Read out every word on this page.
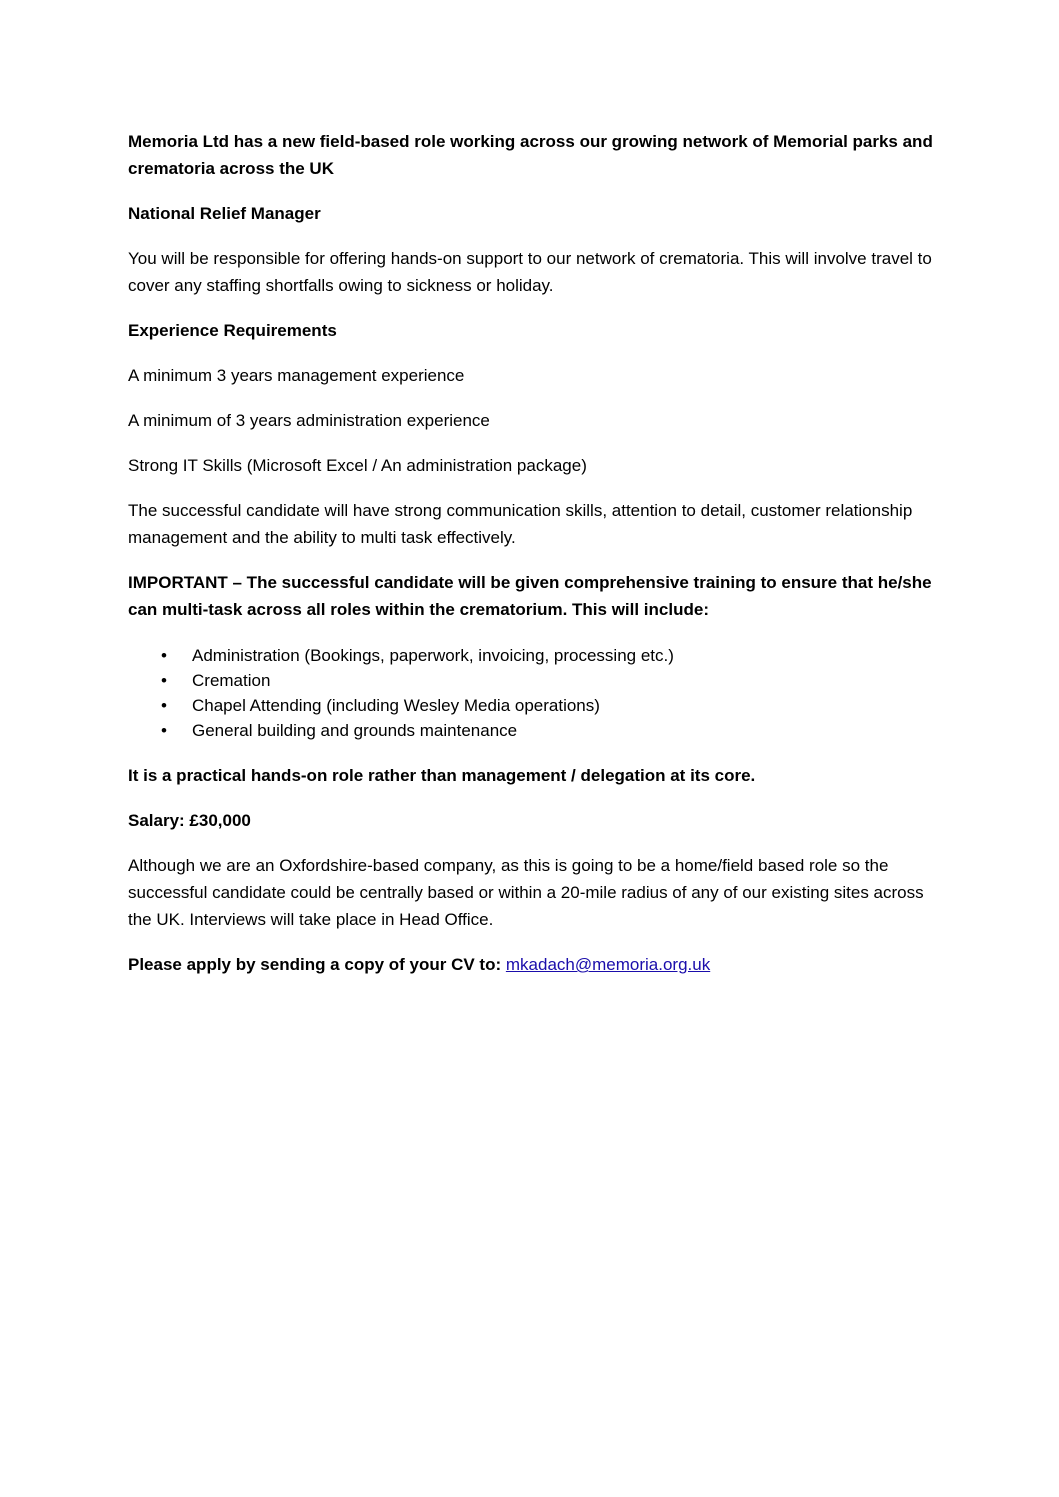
Memoria Ltd has a new field-based role working across our growing network of Memorial parks and crematoria across the UK

National Relief Manager

You will be responsible for offering hands-on support to our network of crematoria. This will involve travel to cover any staffing shortfalls owing to sickness or holiday.

Experience Requirements

A minimum 3 years management experience

A minimum of 3 years administration experience

Strong IT Skills (Microsoft Excel / An administration package)

The successful candidate will have strong communication skills, attention to detail, customer relationship management and the ability to multi task effectively.

IMPORTANT – The successful candidate will be given comprehensive training to ensure that he/she can multi-task across all roles within the crematorium. This will include:

• Administration (Bookings, paperwork, invoicing, processing etc.)
• Cremation
• Chapel Attending (including Wesley Media operations)
• General building and grounds maintenance

It is a practical hands-on role rather than management / delegation at its core.

Salary: £30,000

Although we are an Oxfordshire-based company, as this is going to be a home/field based role so the successful candidate could be centrally based or within a 20-mile radius of any of our existing sites across the UK. Interviews will take place in Head Office.

Please apply by sending a copy of your CV to: mkadach@memoria.org.uk
